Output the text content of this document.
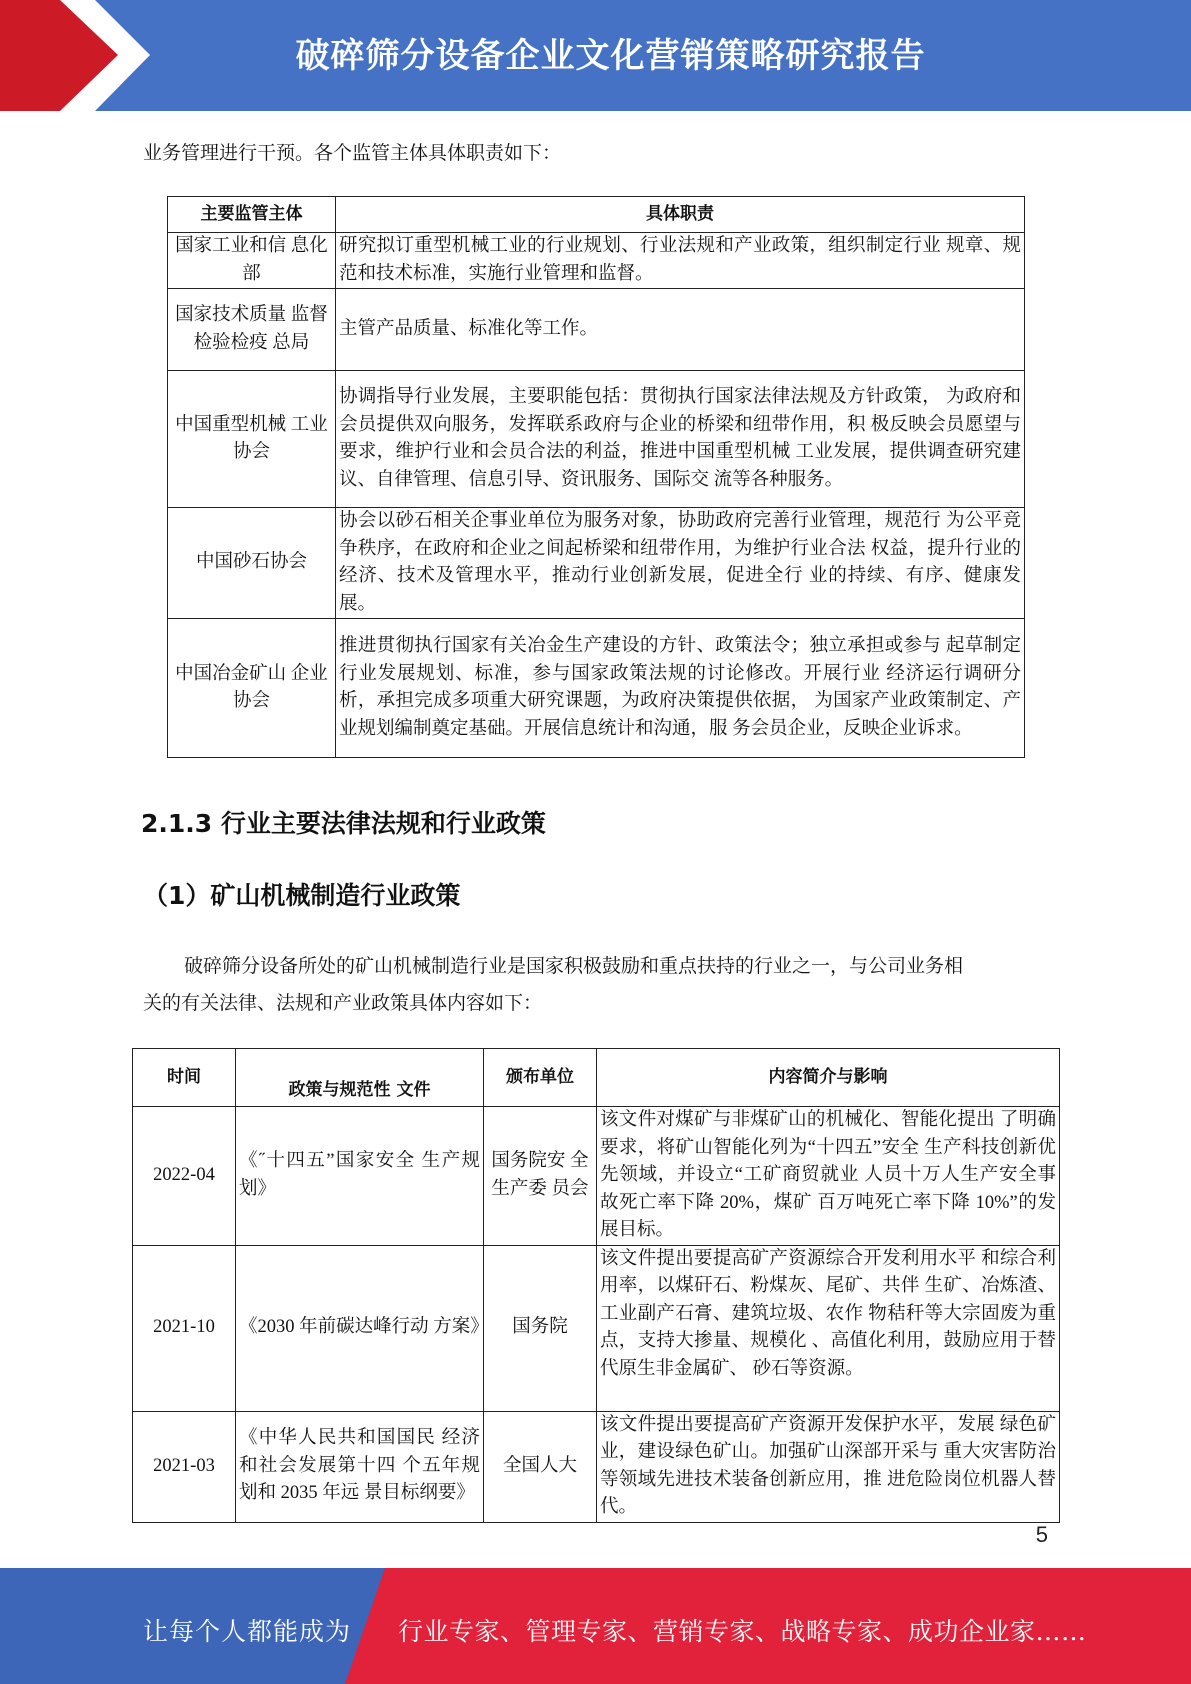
破碎筛分设备企业文化营销策略研究报告
业务管理进行干预。各个监管主体具体职责如下：
主要监管主体	具体职责
国家工业和信 息化部	研究拟订重型机械工业的行业规划、行业法规和产业政策，组织制定行业 规章、规范和技术标准，实施行业管理和监督。
国家技术质量 监督检验检疫 总局	主管产品质量、标准化等工作。
中国重型机械 工业协会	协调指导行业发展，主要职能包括：贯彻执行国家法律法规及方针政策， 为政府和会员提供双向服务，发挥联系政府与企业的桥梁和纽带作用，积 极反映会员愿望与要求，维护行业和会员合法的利益，推进中国重型机械 工业发展，提供调查研究建议、自律管理、信息引导、资讯服务、国际交 流等各种服务。
中国砂石协会	协会以砂石相关企事业单位为服务对象，协助政府完善行业管理，规范行 为公平竞争秩序，在政府和企业之间起桥梁和纽带作用，为维护行业合法 权益，提升行业的经济、技术及管理水平，推动行业创新发展，促进全行 业的持续、有序、健康发展。
中国冶金矿山 企业协会	推进贯彻执行国家有关冶金生产建设的方针、政策法令；独立承担或参与 起草制定行业发展规划、标准，参与国家政策法规的讨论修改。开展行业 经济运行调研分析，承担完成多项重大研究课题，为政府决策提供依据， 为国家产业政策制定、产业规划编制奠定基础。开展信息统计和沟通，服 务会员企业，反映企业诉求。
2.1.3 行业主要法律法规和行业政策
（1）矿山机械制造行业政策
破碎筛分设备所处的矿山机械制造行业是国家积极鼓励和重点扶持的行业之一，与公司业务相
关的有关法律、法规和产业政策具体内容如下：
时间	政策与规范性 文件	颁布单位	内容简介与影响
2022-04	《˝十四五”国家安全 生产规划》	国务院安 全生产委 员会	该文件对煤矿与非煤矿山的机械化、智能化提出 了明确要求，将矿山智能化列为“十四五”安全 生产科技创新优先领域，并设立“工矿商贸就业 人员十万人生产安全事故死亡率下降 20%，煤矿 百万吨死亡率下降 10%”的发展目标。
2021-10	《2030 年前碳达峰行动 方案》	国务院	该文件提出要提高矿产资源综合开发利用水平 和综合利用率，以煤矸石、粉煤灰、尾矿、共伴 生矿、冶炼渣、工业副产石膏、建筑垃圾、农作 物秸秆等大宗固废为重点，支持大掺量、规模化 、高值化利用，鼓励应用于替代原生非金属矿、 砂石等资源。
2021-03	《中华人民共和国国民 经济和社会发展第十四 个五年规划和 2035 年远 景目标纲要》	全国人大	该文件提出要提高矿产资源开发保护水平，发展 绿色矿业，建设绿色矿山。加强矿山深部开采与 重大灾害防治等领域先进技术装备创新应用，推 进危险岗位机器人替代。
5
让每个人都能成为 行业专家、管理专家、营销专家、战略专家、成功企业家……
